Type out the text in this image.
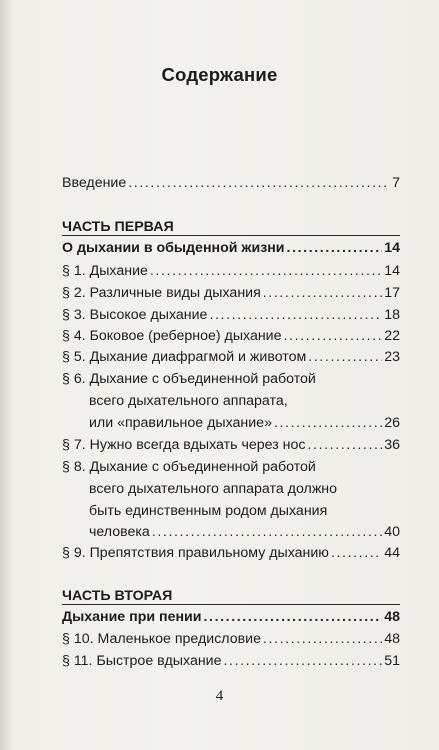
Содержание
Введение .....	7
ЧАСТЬ ПЕРВАЯ
О дыхании в обыденной жизни .....	14
§ 1. Дыхание .....	14
§ 2. Различные виды дыхания .....	17
§ 3. Высокое дыхание .....	18
§ 4. Боковое (реберное) дыхание .....	22
§ 5. Дыхание диафрагмой и животом .....	23
§ 6. Дыхание с объединенной работой
всего дыхательного аппарата,
или «правильное дыхание» .....	26
§ 7. Нужно всегда вдыхать через нос .....	36
§ 8. Дыхание с объединенной работой
всего дыхательного аппарата должно
быть единственным родом дыхания
человека .....	40
§ 9. Препятствия правильному дыханию .....	44
ЧАСТЬ ВТОРАЯ
Дыхание при пении .....	48
§ 10. Маленькое предисловие .....	48
§ 11. Быстрое вдыхание .....	51
4
